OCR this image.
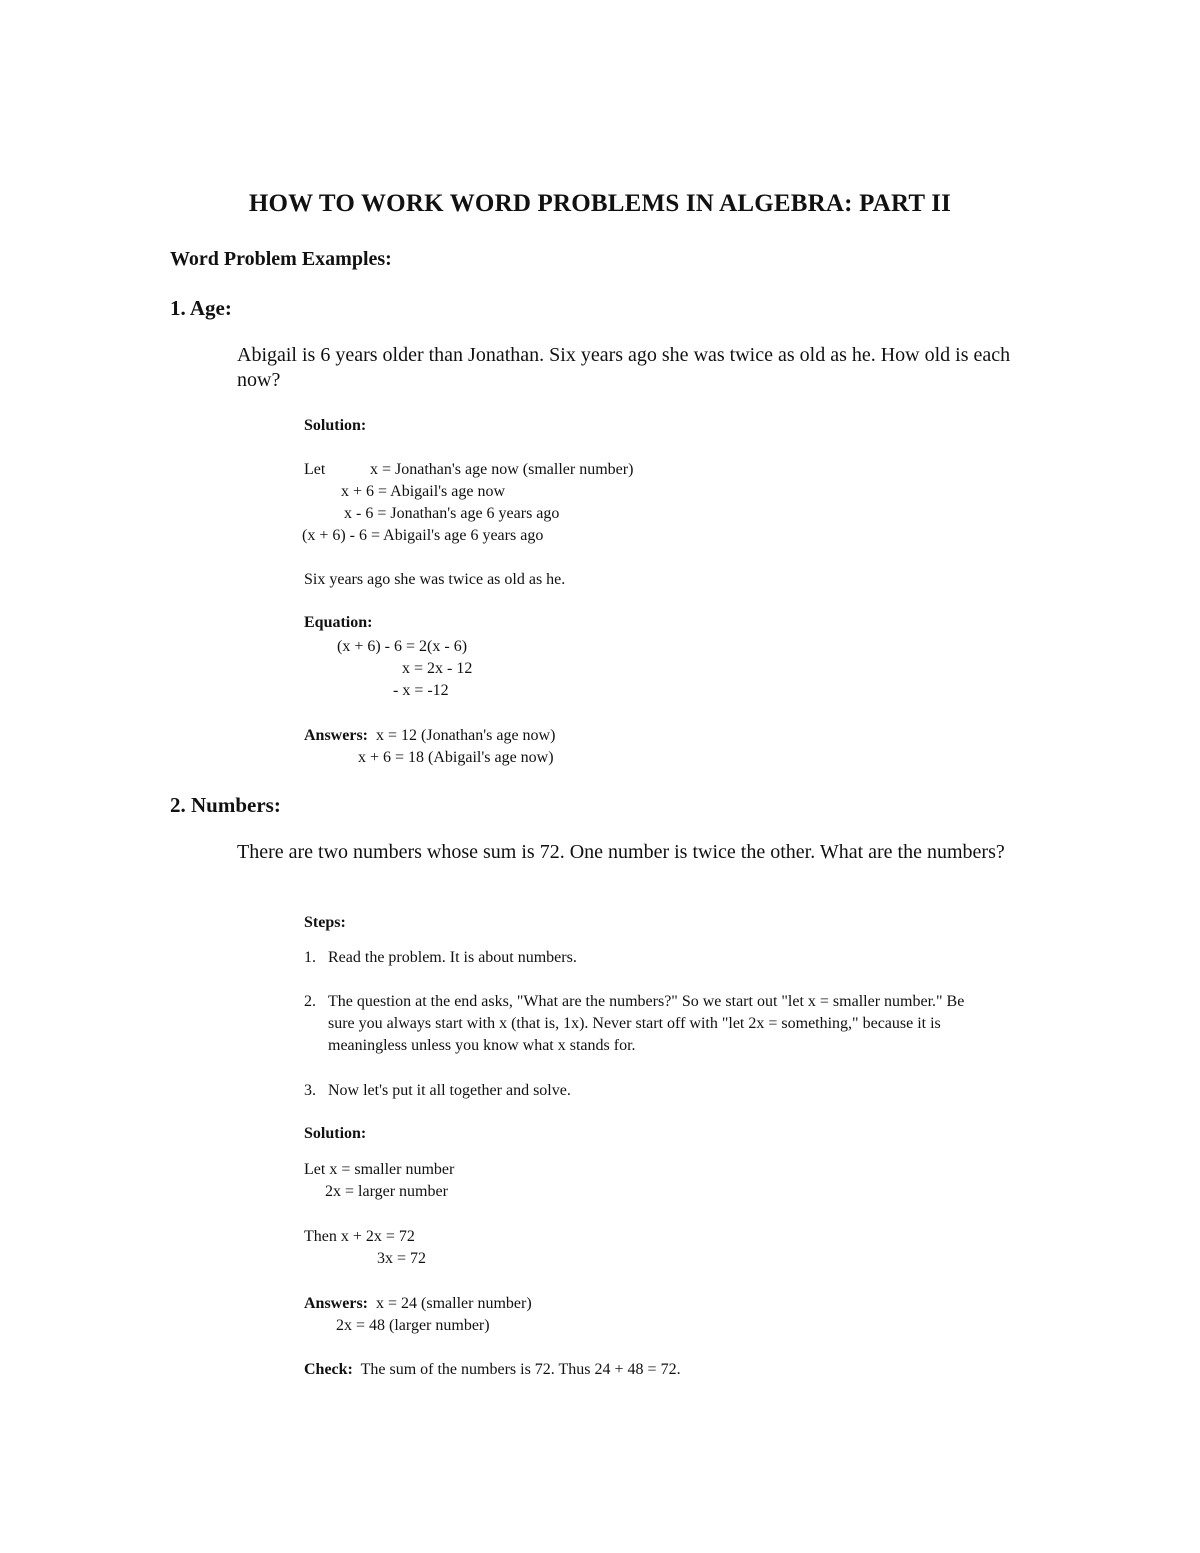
HOW TO WORK WORD PROBLEMS IN ALGEBRA: PART II
Word Problem Examples:
1. Age:
Abigail is 6 years older than Jonathan. Six years ago she was twice as old as he. How old is each now?
Solution:
Let	x = Jonathan's age now (smaller number)
x + 6 = Abigail's age now
x - 6 = Jonathan's age 6 years ago
(x + 6) - 6 = Abigail's age 6 years ago
Six years ago she was twice as old as he.
Equation:
(x + 6) - 6 = 2(x - 6)
x = 2x - 12
- x = -12
Answers: x = 12 (Jonathan's age now)
x + 6 = 18 (Abigail's age now)
2. Numbers:
There are two numbers whose sum is 72. One number is twice the other. What are the numbers?
Steps:
1. Read the problem. It is about numbers.
2. The question at the end asks, "What are the numbers?" So we start out "let x = smaller number." Be sure you always start with x (that is, 1x). Never start off with "let 2x = something," because it is meaningless unless you know what x stands for.
3. Now let's put it all together and solve.
Solution:
Let x = smaller number
2x = larger number
Then x + 2x = 72
3x = 72
Answers: x = 24 (smaller number)
2x = 48 (larger number)
Check: The sum of the numbers is 72. Thus 24 + 48 = 72.
